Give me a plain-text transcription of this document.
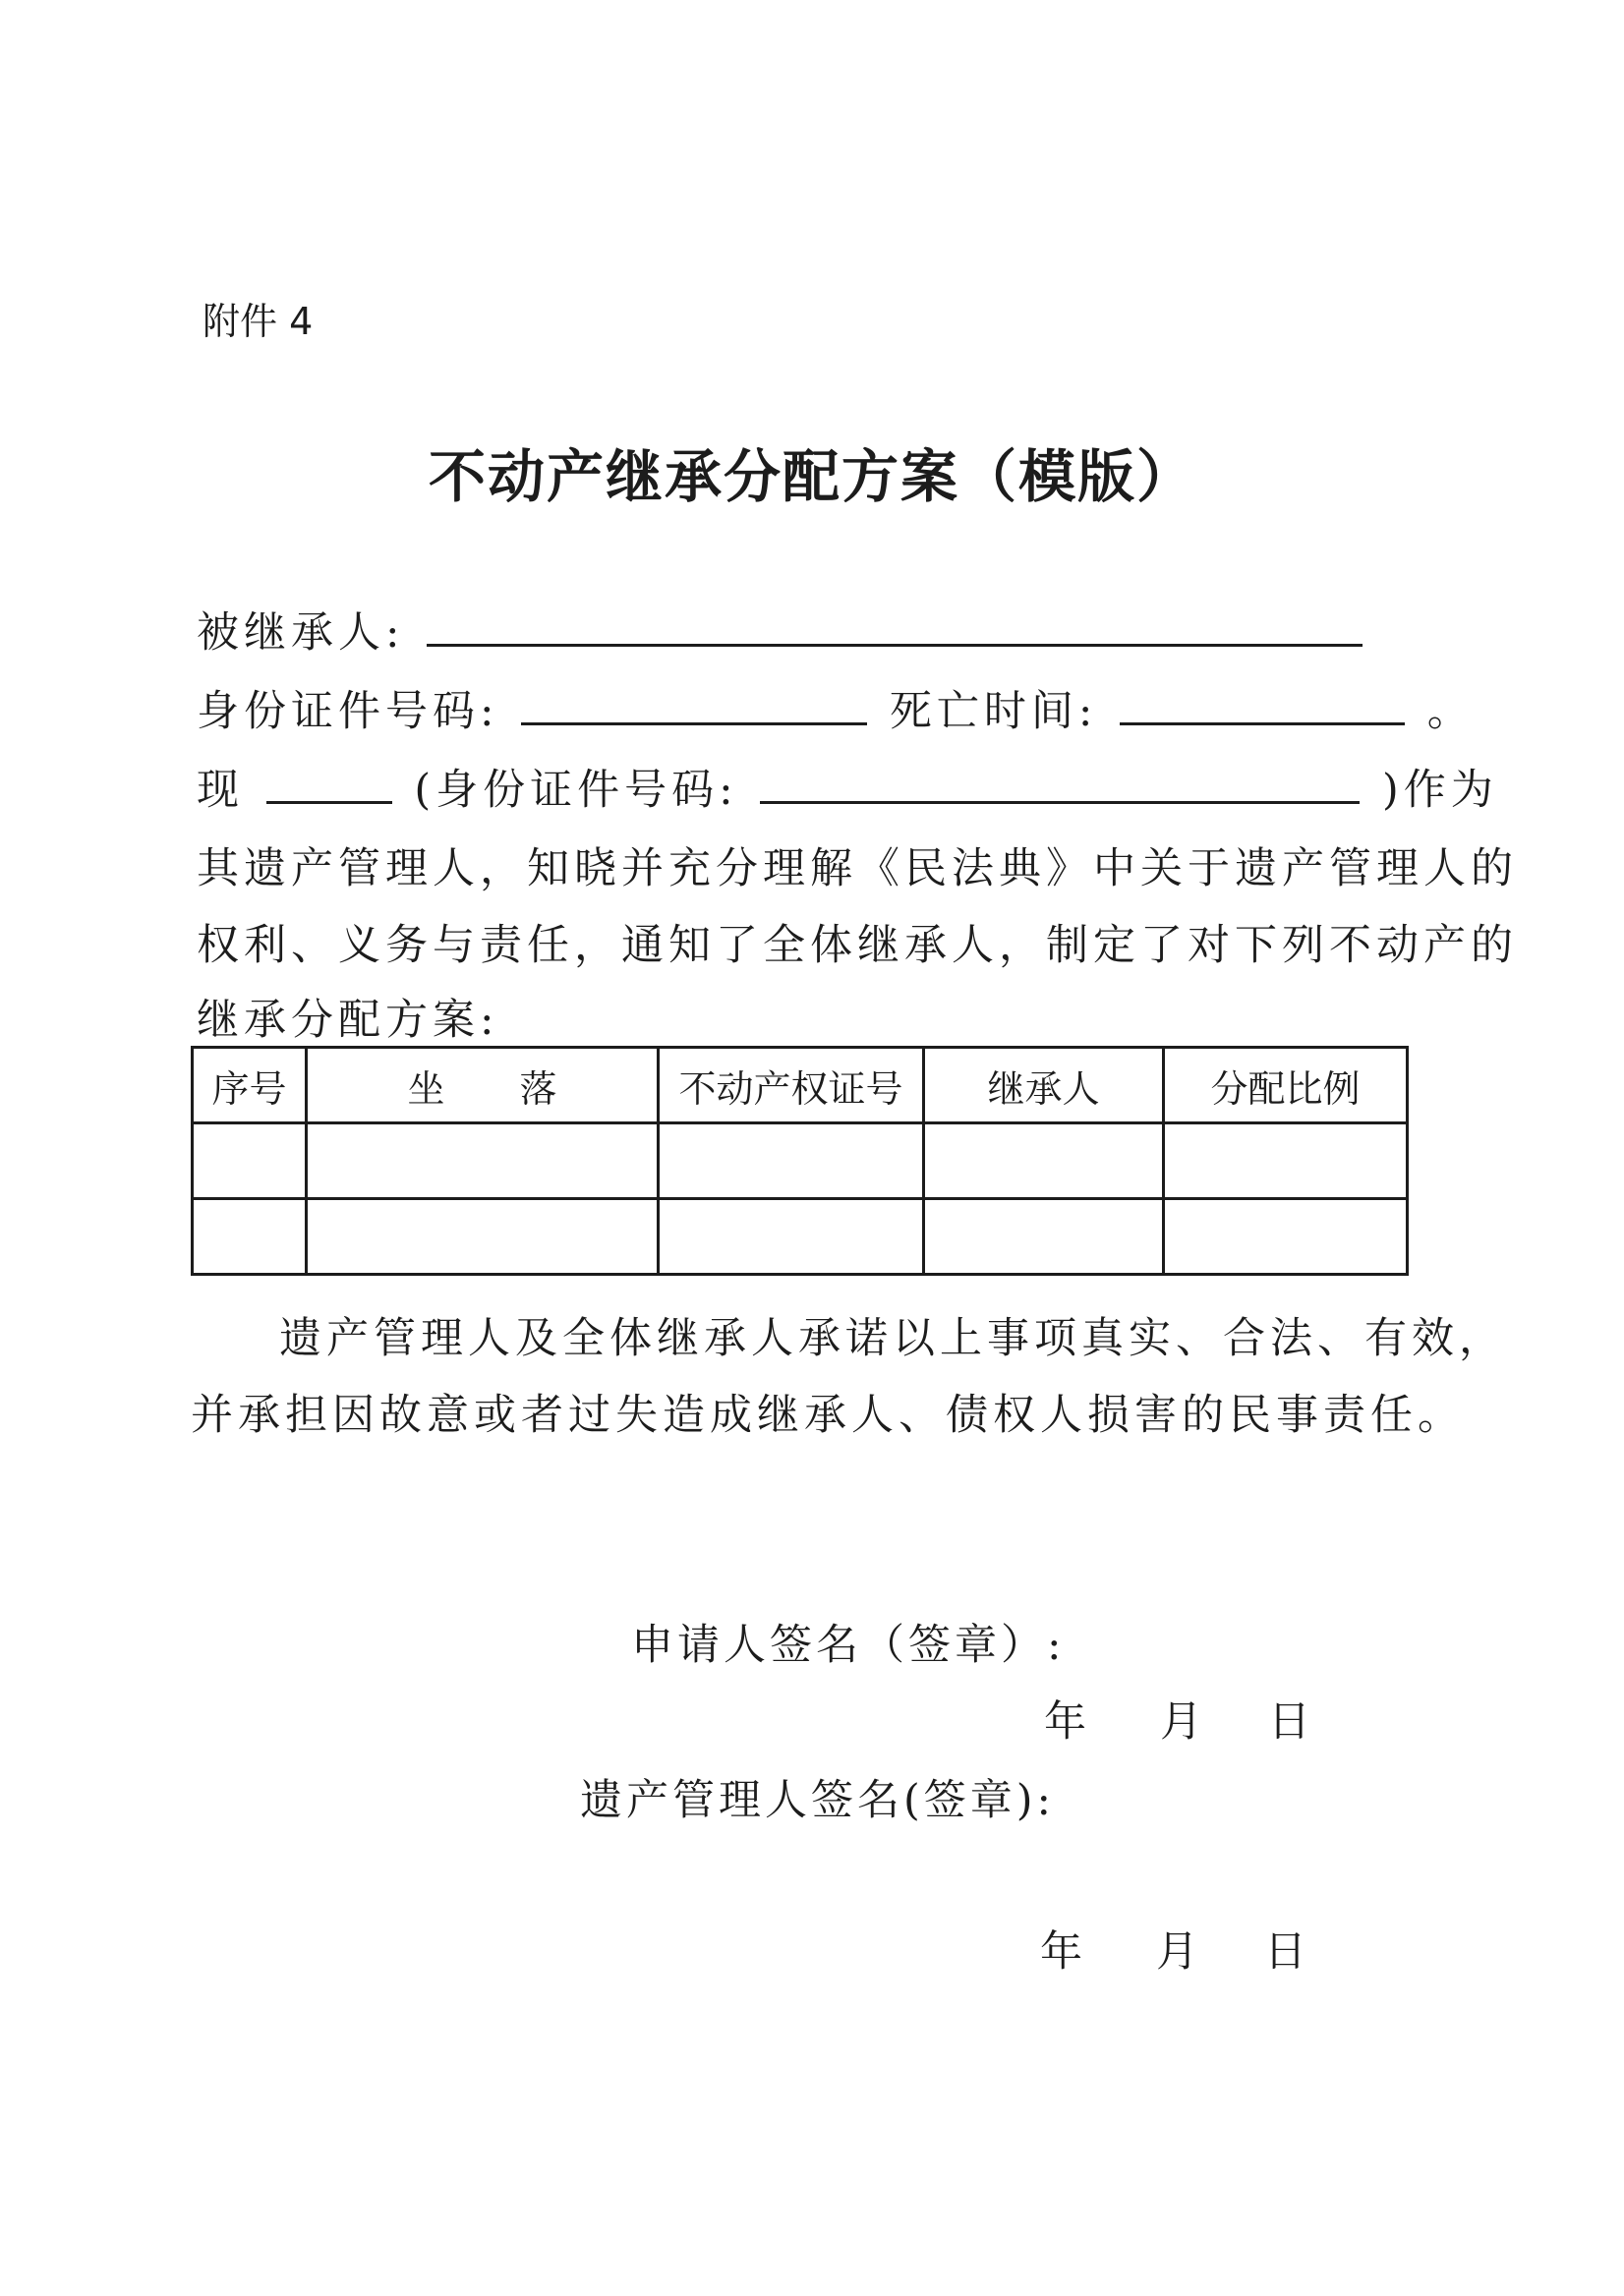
附件 4
不动产继承分配方案（模版）
被继承人:
身份证件号码:	死亡时间:	。
现	(身份证件号码:	)作为
其遗产管理人，知晓并充分理解《民法典》中关于遗产管理人的
权利、义务与责任，通知了全体继承人，制定了对下列不动产的
继承分配方案:
序号	坐　　落	不动产权证号	继承人	分配比例

遗产管理人及全体继承人承诺以上事项真实、合法、有效，
并承担因故意或者过失造成继承人、债权人损害的民事责任。
申请人签名（签章）:
年 月 日
遗产管理人签名(签章):
年 月 日
